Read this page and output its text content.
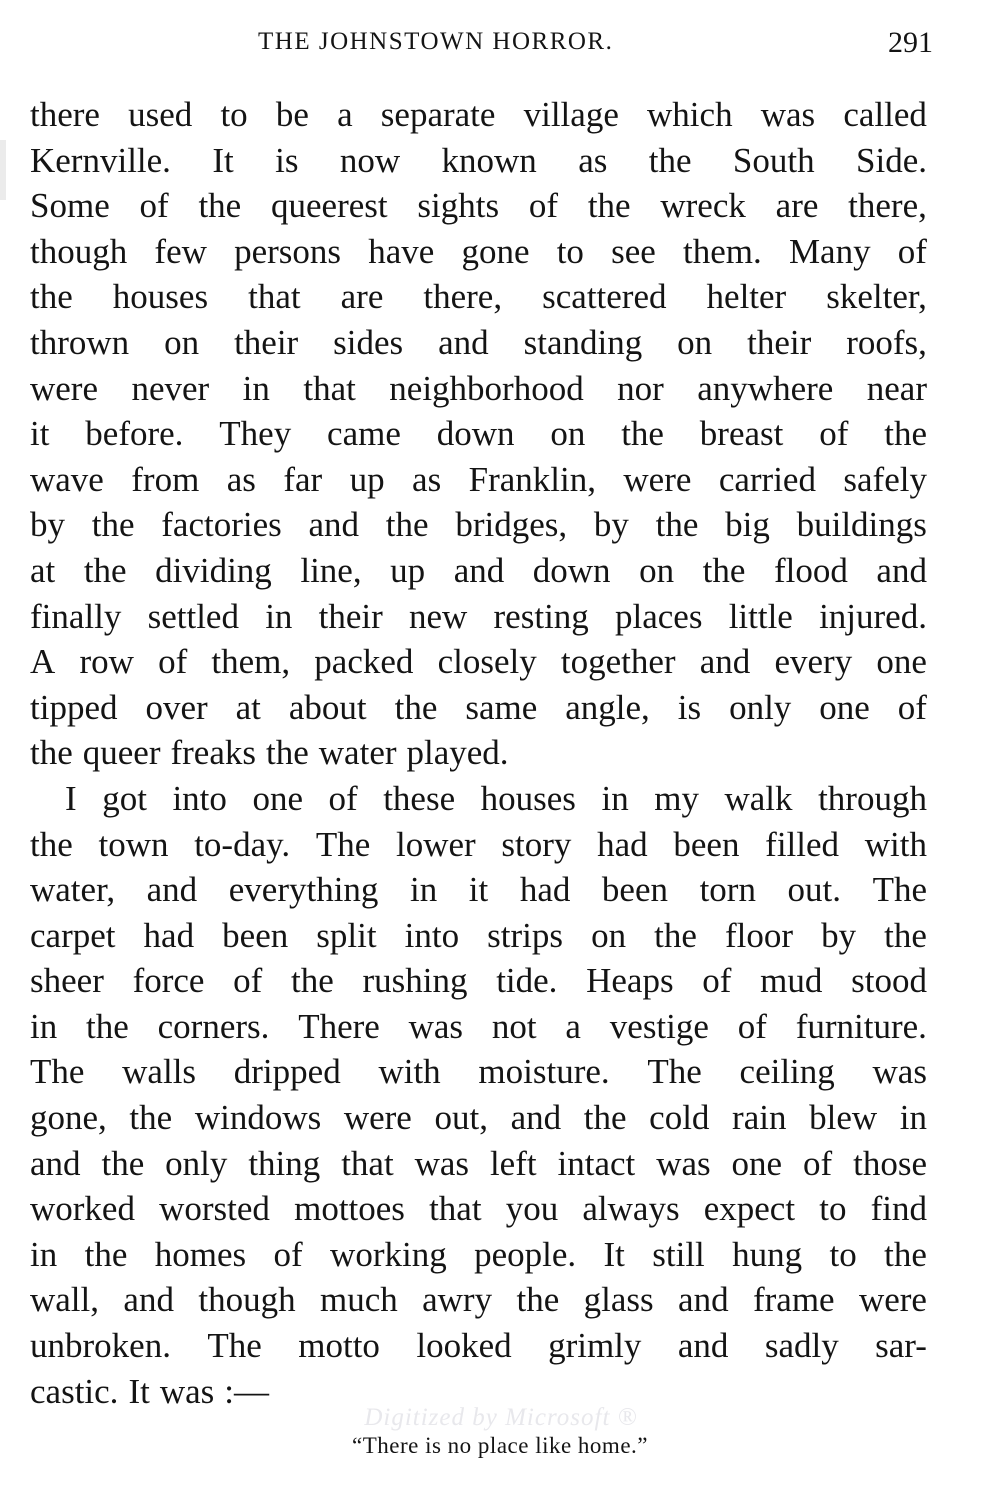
THE JOHNSTOWN HORROR.	291
there used to be a separate village which was called
Kernville. It is now known as the South Side.
Some of the queerest sights of the wreck are there,
though few persons have gone to see them. Many of
the houses that are there, scattered helter skelter,
thrown on their sides and standing on their roofs,
were never in that neighborhood nor anywhere near
it before. They came down on the breast of the
wave from as far up as Franklin, were carried safely
by the factories and the bridges, by the big buildings
at the dividing line, up and down on the flood and
finally settled in their new resting places little injured.
A row of them, packed closely together and every one
tipped over at about the same angle, is only one of
the queer freaks the water played.
I got into one of these houses in my walk through
the town to-day. The lower story had been filled with
water, and everything in it had been torn out. The
carpet had been split into strips on the floor by the
sheer force of the rushing tide. Heaps of mud stood
in the corners. There was not a vestige of furniture.
The walls dripped with moisture. The ceiling was
gone, the windows were out, and the cold rain blew in
and the only thing that was left intact was one of those
worked worsted mottoes that you always expect to find
in the homes of working people. It still hung to the
wall, and though much awry the glass and frame were
unbroken. The motto looked grimly and sadly sar-
castic. It was :—
Digitized by Microsoft ®
“There is no place like home.”
